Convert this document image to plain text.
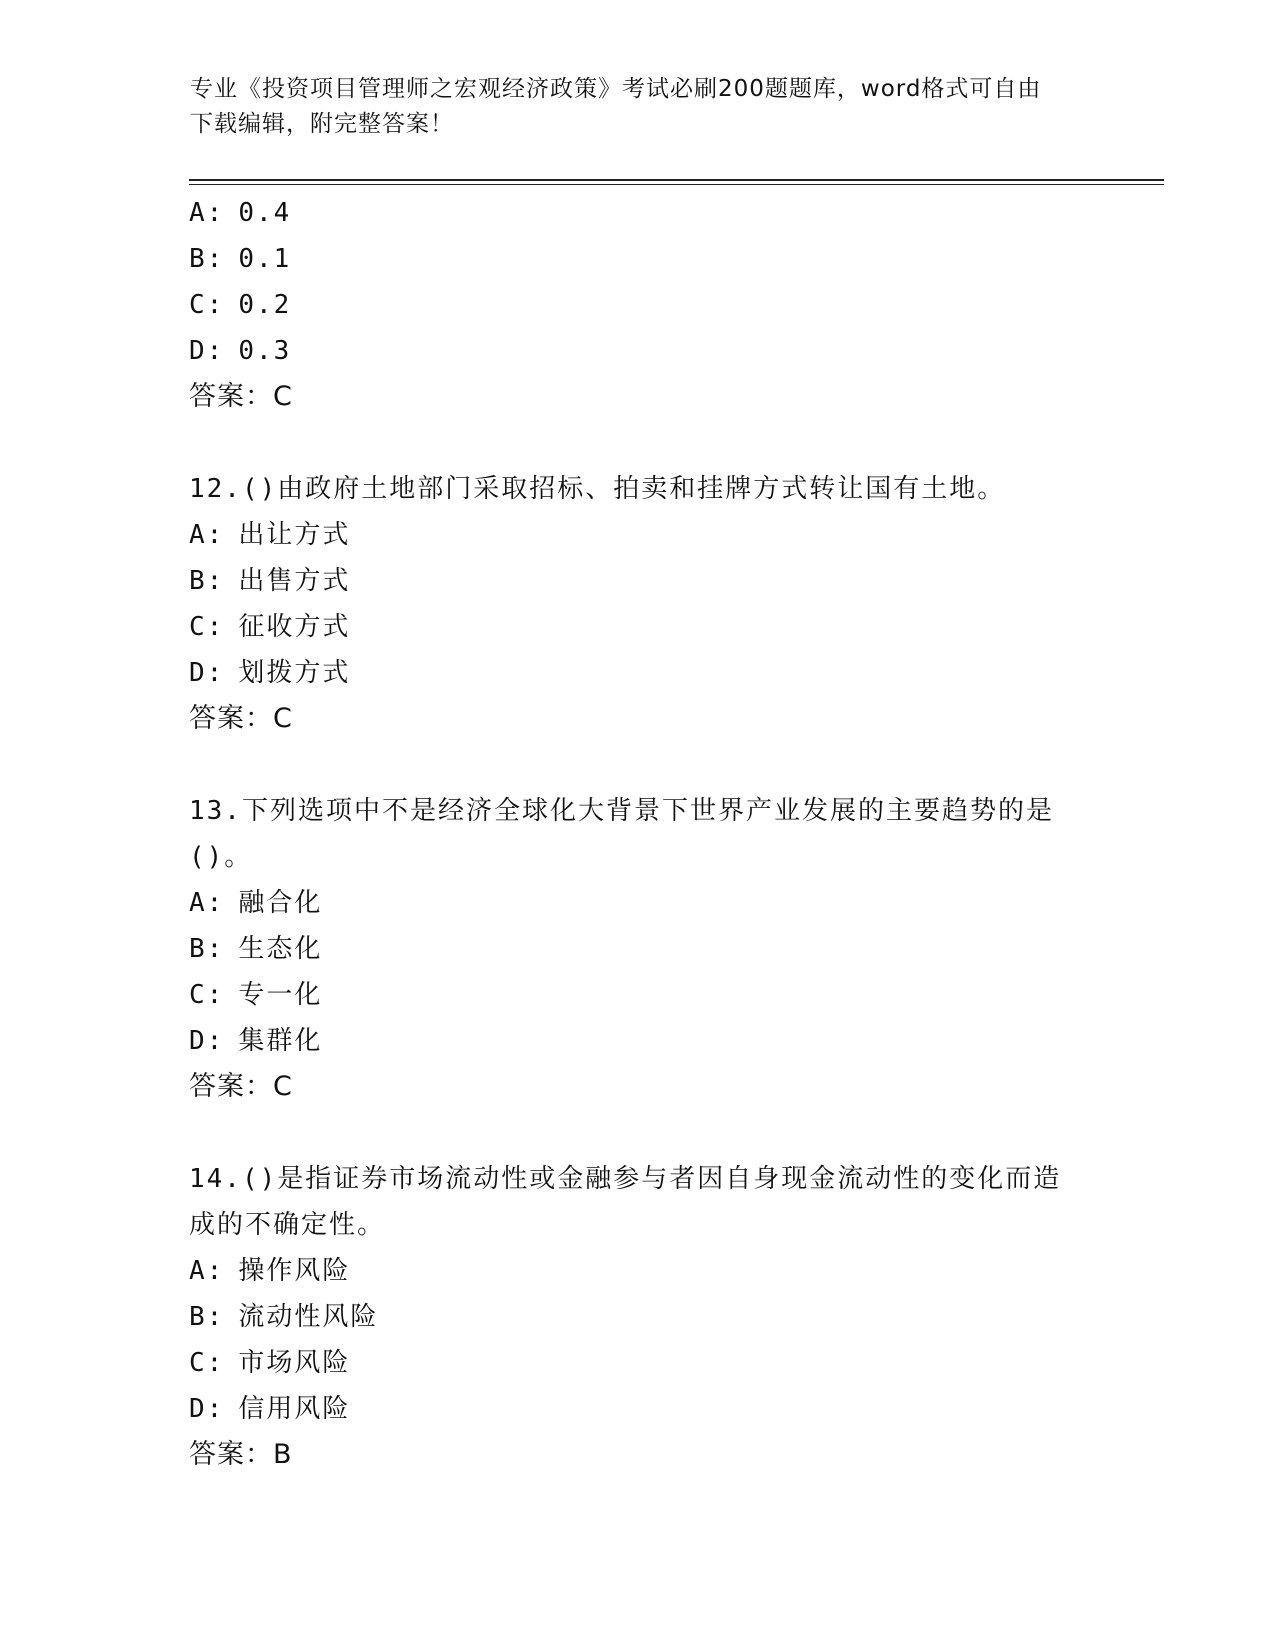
专业《投资项目管理师之宏观经济政策》考试必刷200题题库，word格式可自由
下载编辑，附完整答案！
A: 0.4
B: 0.1
C: 0.2
D: 0.3
答案：C
12.()由政府土地部门采取招标、拍卖和挂牌方式转让国有土地。
A: 出让方式
B: 出售方式
C: 征收方式
D: 划拨方式
答案：C
13.下列选项中不是经济全球化大背景下世界产业发展的主要趋势的是
()。
A: 融合化
B: 生态化
C: 专一化
D: 集群化
答案：C
14.()是指证券市场流动性或金融参与者因自身现金流动性的变化而造
成的不确定性。
A: 操作风险
B: 流动性风险
C: 市场风险
D: 信用风险
答案：B
